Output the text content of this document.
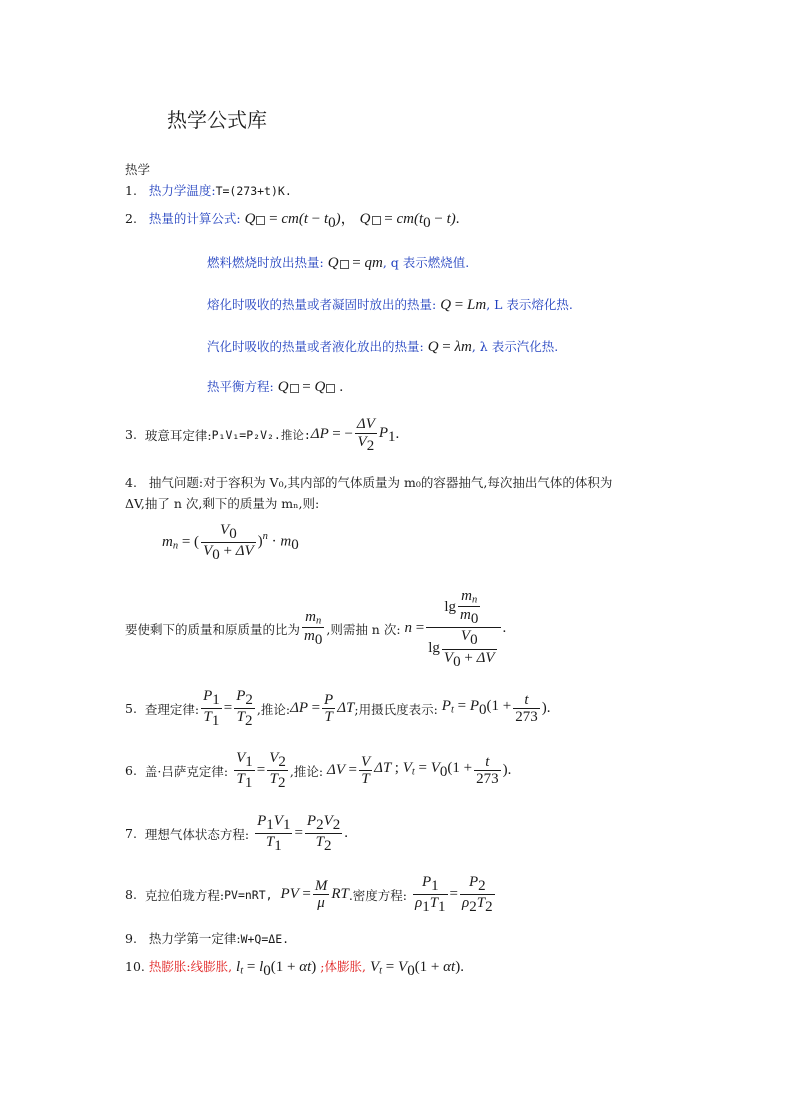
热学公式库
热学
1. 热力学温度:T=(273+t)K.
2. 热量的计算公式: $Q = cm(t - t_0)$， $Q = cm(t_0 - t)$.
燃料燃烧时放出热量: Q = qm, q 表示燃烧值.
熔化时吸收的热量或者凝固时放出的热量: Q = Lm, L 表示熔化热.
汽化时吸收的热量或者液化放出的热量: Q = λm, λ 表示汽化热.
热平衡方程: Q = Q .
3.
玻意耳定律: P₁V₁=P₂V₂.推论: ΔP = − $\frac{\Delta V}{V_2} P_1$ .
4. 抽气问题:对于容积为 V₀,其内部的气体质量为 m₀的容器抽气,每次抽出气体的体积为
ΔV,抽了 n 次,剩下的质量为 mₙ,则:
$m_n$ = ( $\frac{V_0}{V_0 + \Delta V} )^n \cdot m_0$
要使剩下的质量和原质量的比为 $\frac{m_n}{m_0}$ ,则需抽 n 次:
$n = \frac{\lg \frac{m_n}{m_0}}{\lg \frac{V_0}{V_0 + \Delta V}}$ .
5.
查理定律: $\frac{P_1}{T_1} = \frac{P_2}{T_2}$ ,推论: $\Delta P = \frac{P}{T}$ ΔT ;用摄氏度表示:
$P_t = P_0(1 + \frac{t}{273}$ ).
6.
盖·吕萨克定律:
$\frac{V_1}{T_1} = \frac{V_2}{T_2}$ ,推论:
$\Delta V = \frac{V}{T}$ ΔT ; $V_t = V_0(1 + \frac{t}{273}$ ).
7.
理想气体状态方程:
$\frac{P_1V_1}{T_1} = \frac{P_2V_2}{T_2}$ .
8.
克拉伯珑方程: PV=nRT,
PV = $\frac{M}{\mu}$ RT .密度方程:
$\frac{P_1}{\rho_1T_1} = \frac{P_2}{\rho_2T_2}$
9. 热力学第一定律:W+Q=ΔE.
10. 热膨胀:线膨胀, $l_t = l_0(1 + \alpha t)$ ;体膨胀, $V_t = V_0(1 + \alpha t)$.
